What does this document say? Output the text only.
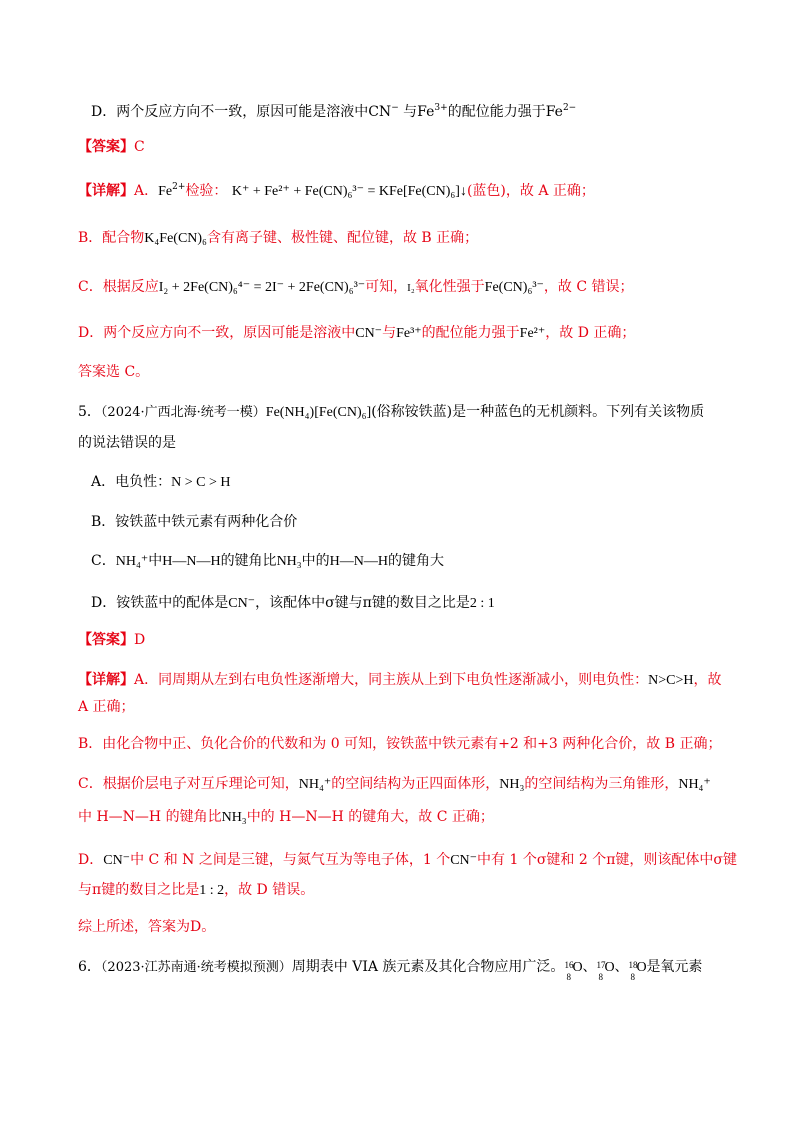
D．两个反应方向不一致，原因可能是溶液中CN− 与$Fe^{3+}$的配位能力强于$Fe^{2-}$
【答案】C
【详解】A．$Fe^{2+}$检验： K⁺ + Fe²⁺ + Fe(CN)₆³⁻ = KFe[Fe(CN)₆]↓(蓝色)，故 A 正确；
B．配合物K₄Fe(CN)₆含有离子键、极性键、配位键，故 B 正确；
C．根据反应I₂ + 2Fe(CN)₆⁴⁻ = 2I⁻ + 2Fe(CN)₆³⁻可知，I₂氧化性强于Fe(CN)₆³⁻，故 C 错误；
D．两个反应方向不一致，原因可能是溶液中CN⁻与Fe³⁺的配位能力强于Fe²⁺，故 D 正确；
答案选 C。
5．（2024·广西北海·统考一模）Fe(NH₄)[Fe(CN)₆](俗称铵铁蓝)是一种蓝色的无机颜料。下列有关该物质
的说法错误的是
A．电负性：N > C > H
B．铵铁蓝中铁元素有两种化合价
C．NH₄⁺中H—N—H的键角比NH₃中的H—N—H的键角大
D．铵铁蓝中的配体是CN⁻，该配体中σ键与π键的数目之比是2 : 1
【答案】D
【详解】A．同周期从左到右电负性逐渐增大，同主族从上到下电负性逐渐减小，则电负性：N>C>H，故
A 正确；
B．由化合物中正、负化合价的代数和为 0 可知，铵铁蓝中铁元素有+2 和+3 两种化合价，故 B 正确；
C．根据价层电子对互斥理论可知，NH₄⁺的空间结构为正四面体形，NH₃的空间结构为三角锥形，NH₄⁺
中 H—N—H 的键角比NH₃中的 H—N—H 的键角大，故 C 正确；
D．CN⁻中 C 和 N 之间是三键，与氮气互为等电子体，1 个CN⁻中有 1 个σ键和 2 个π键，则该配体中σ键
与π键的数目之比是1 : 2，故 D 错误。
综上所述，答案为D。
6．（2023·江苏南通·统考模拟预测）周期表中 VIA 族元素及其化合物应用广泛。 16
8
O 、 17
8
O 、 18
8
O 是氧元素
